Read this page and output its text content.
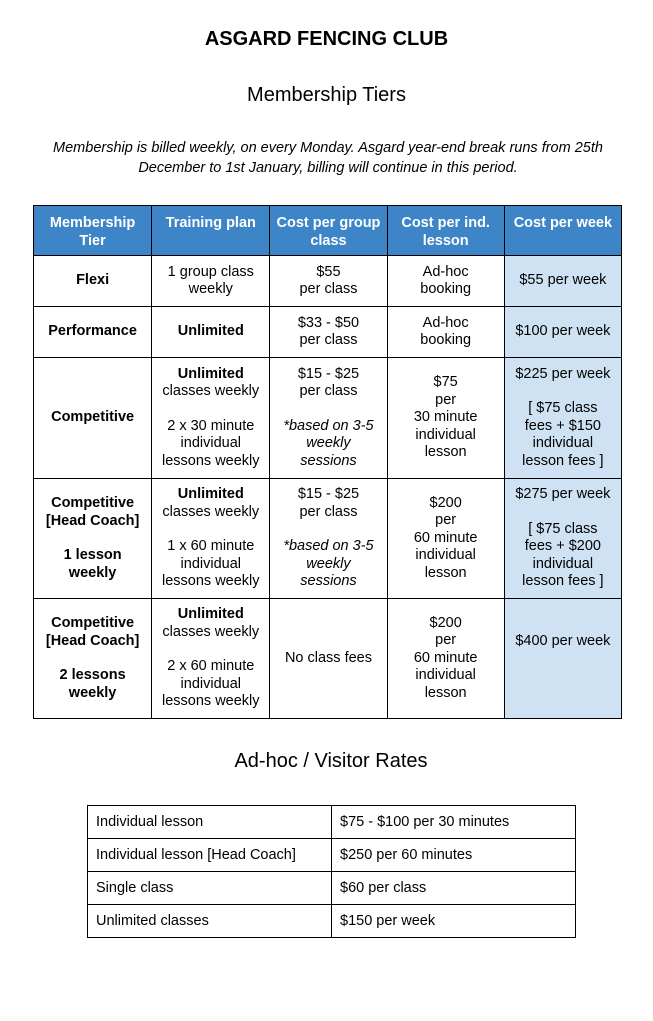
ASGARD FENCING CLUB
Membership Tiers
Membership is billed weekly, on every Monday. Asgard year-end break runs from 25th December to 1st January, billing will continue in this period.
Membership Tier	Training plan	Cost per group class	Cost per ind. lesson	Cost per week

Flexi	1 group class weekly	$55
per class	Ad-hoc
booking	$55 per week

Performance	Unlimited	$33 - $50
per class	Ad-hoc
booking	$100 per week

Competitive	Unlimited
classes weekly
2 x 30 minute
individual
lessons weekly	$15 - $25
per class
*based on 3-5
weekly
sessions	$75
per
30 minute
individual
lesson	$225 per week
[ $75 class
fees + $150
individual
lesson fees ]

Competitive
[Head Coach]
1 lesson
weekly	Unlimited
classes weekly
1 x 60 minute
individual
lessons weekly	$15 - $25
per class
*based on 3-5
weekly
sessions	$200
per
60 minute
individual
lesson	$275 per week
[ $75 class
fees + $200
individual
lesson fees ]

Competitive
[Head Coach]
2 lessons
weekly	Unlimited
classes weekly
2 x 60 minute
individual
lessons weekly	No class fees	$200
per
60 minute
individual
lesson	$400 per week
Ad-hoc / Visitor Rates
Individual lesson	$75 - $100 per 30 minutes
Individual lesson [Head Coach]	$250 per 60 minutes
Single class	$60 per class
Unlimited classes	$150 per week
